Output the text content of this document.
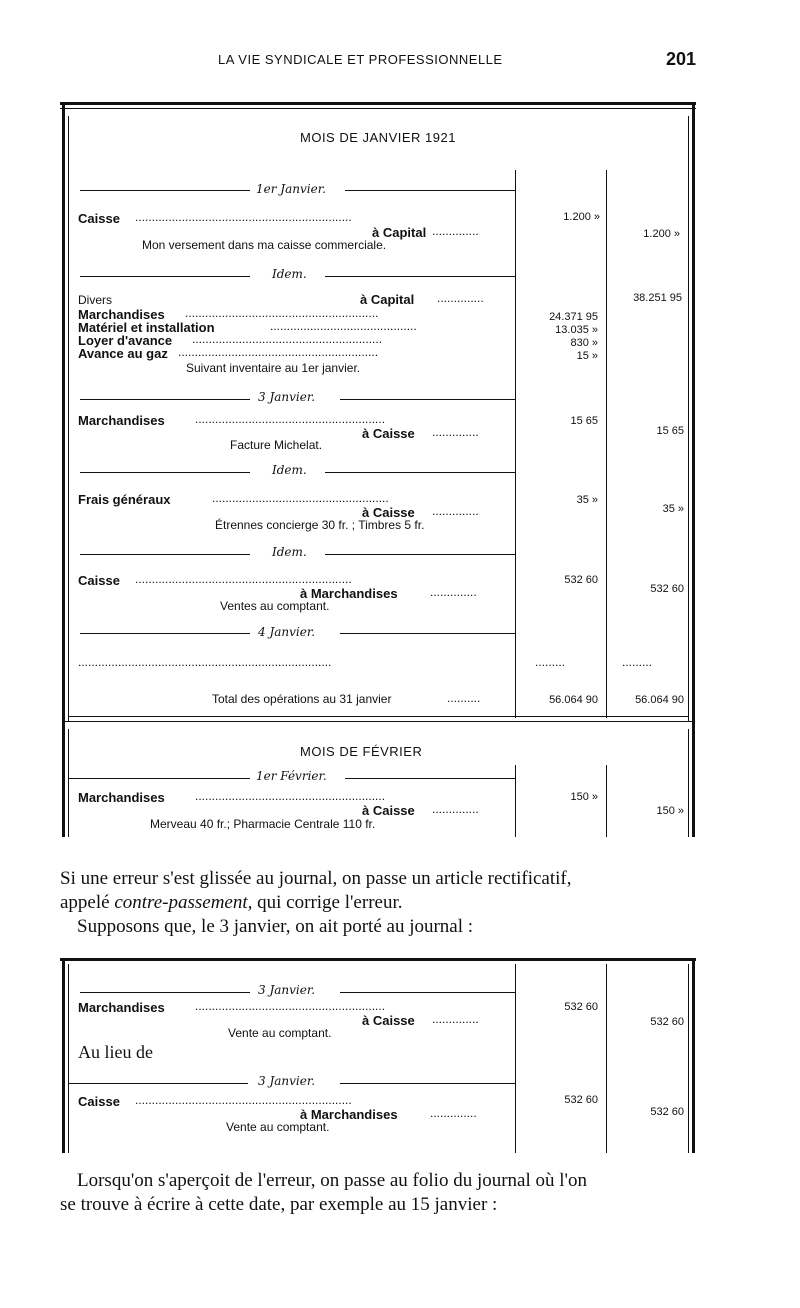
LA VIE SYNDICALE ET PROFESSIONNELLE	201
MOIS DE JANVIER 1921
1er Janvier.
Caisse .................................................................	1.200 »
à Capital ..............	1.200 »
Mon versement dans ma caisse commerciale.
Idem.
Divers	à Capital ..............	38.251 95
Marchandises ..........................................................	24.371 95
Matériel et installation	............................................	13.035 »
Loyer d'avance .........................................................	830 »
Avance au gaz ............................................................	15 »
Suivant inventaire au 1er janvier.
3 Janvier.
Marchandises	.........................................................	15 65
à Caisse ..............	15 65
Facture Michelat.
Idem.
Frais généraux	.....................................................	35 »
à Caisse ..............	35 »
Étrennes concierge 30 fr. ; Timbres 5 fr.
Idem.
Caisse .................................................................	532 60
à Marchandises	..............	532 60
Ventes au comptant.
4 Janvier.
............................................................................	.........	.........
Total des opérations au 31 janvier	..........	56.064 90	56.064 90
MOIS DE FÉVRIER
1er Février.
Marchandises	.........................................................	150 »
à Caisse ..............	150 »
Merveau 40 fr.; Pharmacie Centrale 110 fr.
Si une erreur s'est glissée au journal, on passe un article rectificatif,
appelé contre-passement, qui corrige l'erreur.
Supposons que, le 3 janvier, on ait porté au journal :
3 Janvier.
Marchandises	.........................................................	532 60
à Caisse ..............	532 60
Vente au comptant.
Au lieu de
3 Janvier.
Caisse .................................................................	532 60
à Marchandises	..............	532 60
Vente au comptant.
Lorsqu'on s'aperçoit de l'erreur, on passe au folio du journal où l'on
se trouve à écrire à cette date, par exemple au 15 janvier :
